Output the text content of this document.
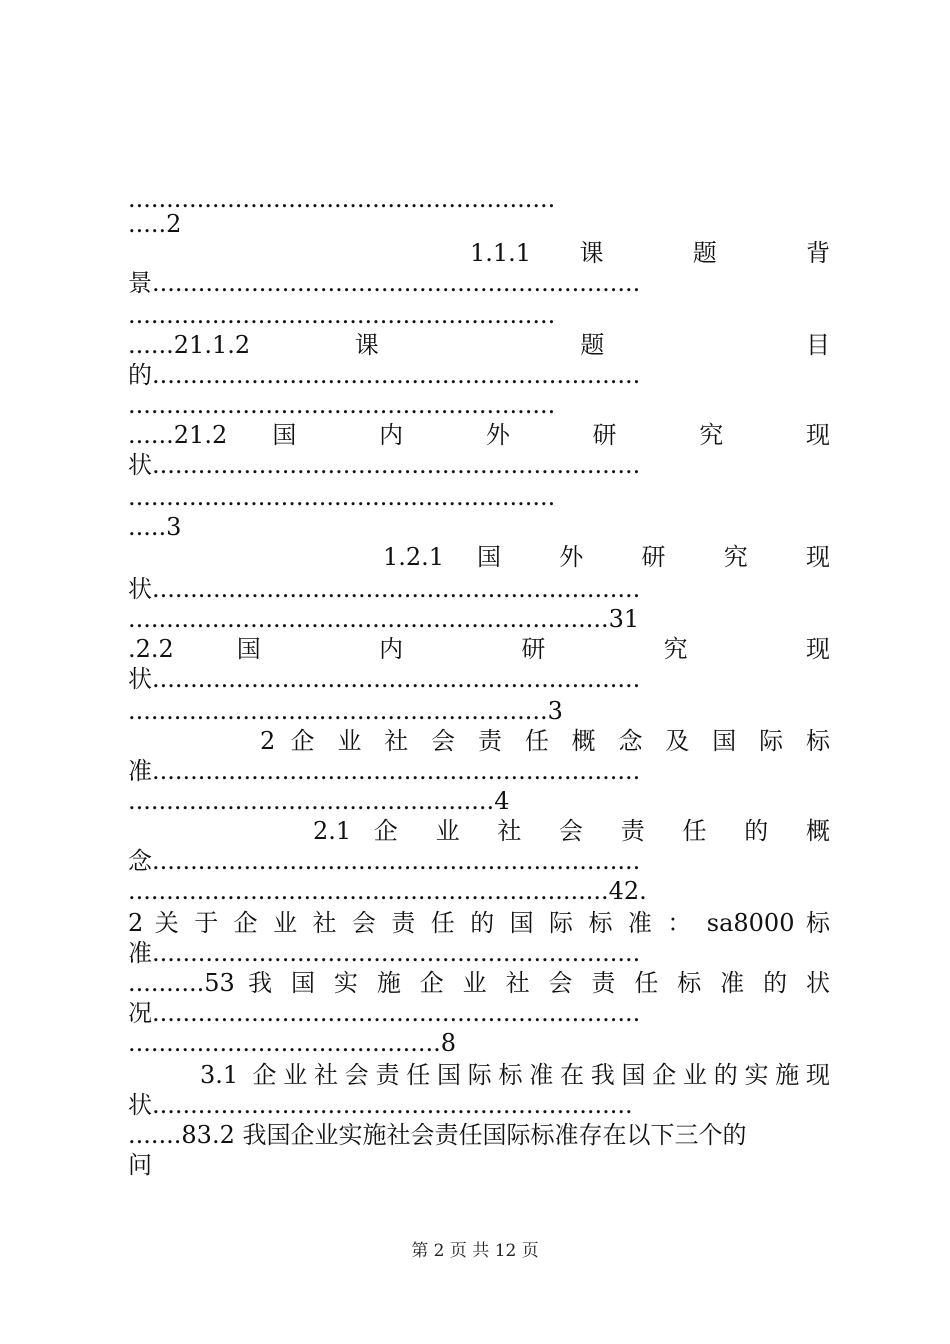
........................................................
.....2
1.1.1 课 题 背
景................................................................
........................................................
......21.1.2 课 题 目
的................................................................
........................................................
......21.2 国 内 外 研 究 现
状................................................................
........................................................
.....3
1.2.1 国 外 研 究 现
状................................................................
...............................................................31
.2.2 国 内 研 究 现
状................................................................
.......................................................3
2 企 业 社 会 责 任 概 念 及 国 际 标
准................................................................
................................................4
2.1 企 业 社 会 责 任 的 概
念................................................................
...............................................................42.
2 关 于 企 业 社 会 责 任 的 国 际 标 准 ： sa8000 标
准................................................................
..........53 我 国 实 施 企 业 社 会 责 任 标 准 的 状
况................................................................
.........................................8
3.1 企业社会责任国际标准在我国企业的实施现
状...............................................................
.......83.2 我国企业实施社会责任国际标准存在以下三个的
问
第 2 页 共 12 页
